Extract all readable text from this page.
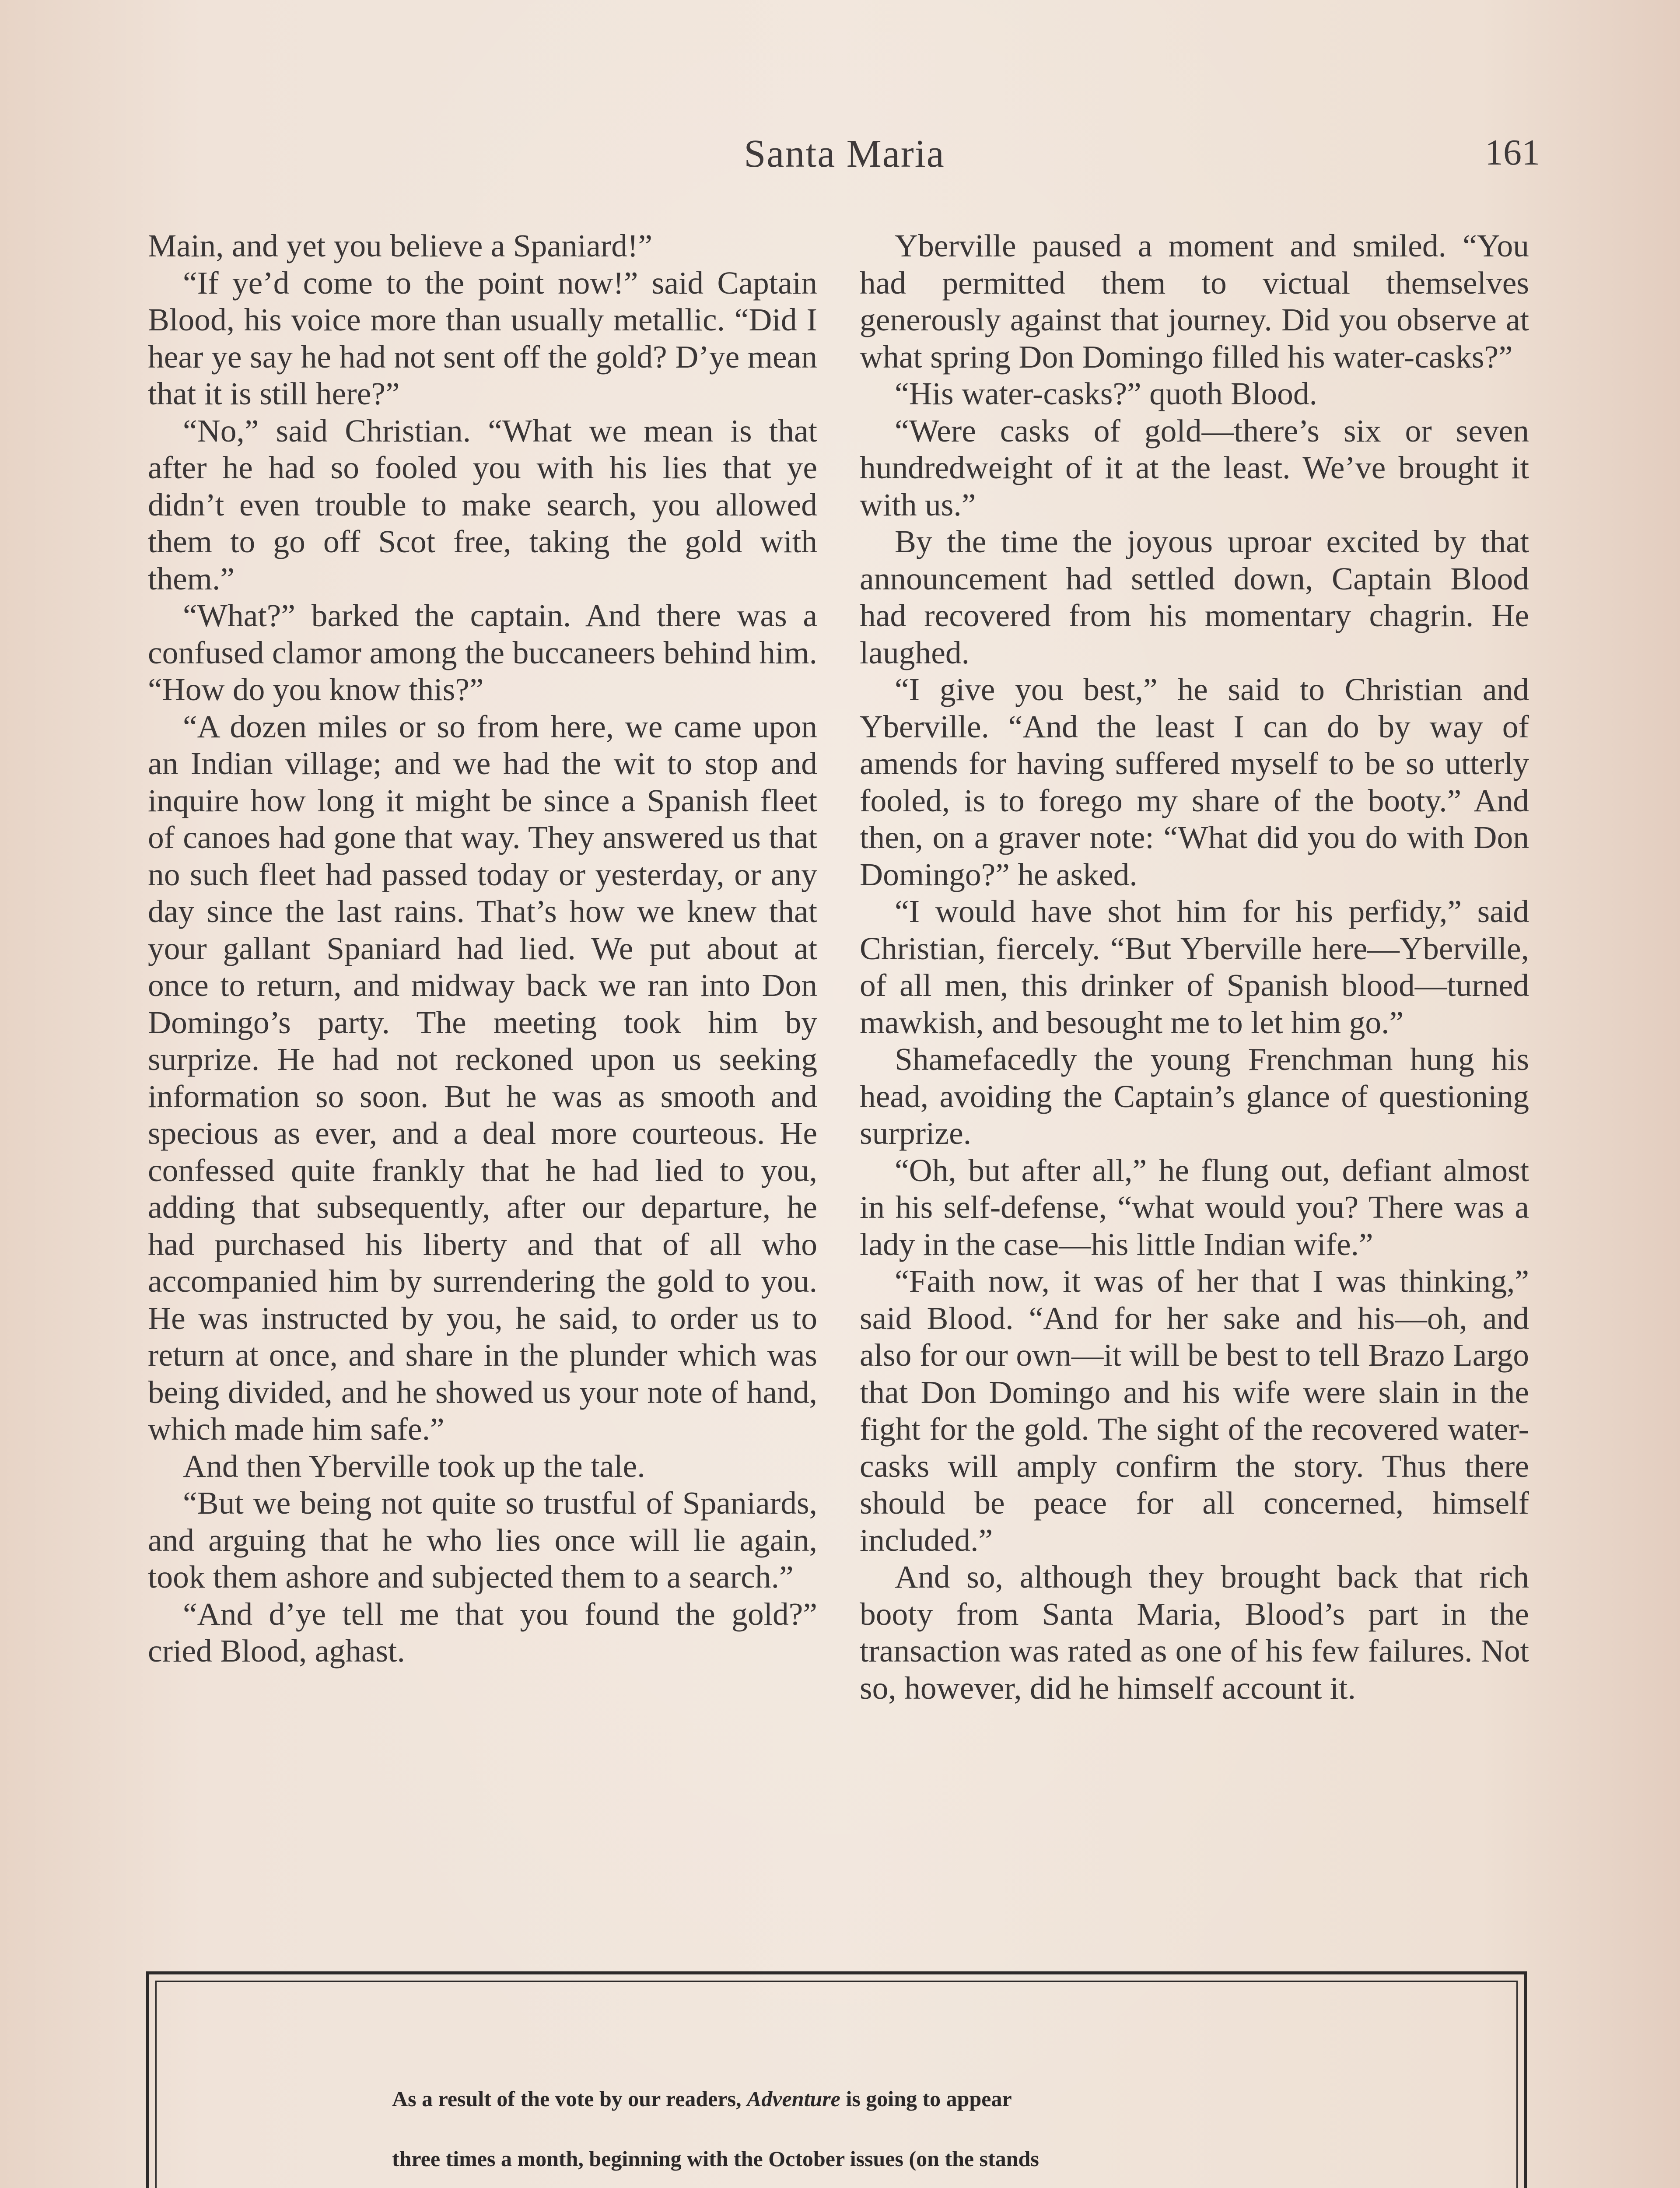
Santa Maria	161

Main, and yet you believe a Spaniard!”

“If ye’d come to the point now!” said Captain Blood, his voice more than usually metallic. “Did I hear ye say he had not sent off the gold? D’ye mean that it is still here?”

“No,” said Christian. “What we mean is that after he had so fooled you with his lies that ye didn’t even trouble to make search, you allowed them to go off Scot free, taking the gold with them.”

“What?” barked the captain. And there was a confused clamor among the buccaneers behind him. “How do you know this?”

“A dozen miles or so from here, we came upon an Indian village; and we had the wit to stop and inquire how long it might be since a Spanish fleet of canoes had gone that way. They answered us that no such fleet had passed today or yesterday, or any day since the last rains. That’s how we knew that your gallant Spaniard had lied. We put about at once to return, and midway back we ran into Don Domingo’s party. The meeting took him by surprize. He had not reckoned upon us seeking information so soon. But he was as smooth and specious as ever, and a deal more courteous. He confessed quite frankly that he had lied to you, adding that subsequently, after our departure, he had purchased his liberty and that of all who accompanied him by surrendering the gold to you. He was instructed by you, he said, to order us to return at once, and share in the plunder which was being divided, and he showed us your note of hand, which made him safe.”

And then Yberville took up the tale.

“But we being not quite so trustful of Spaniards, and arguing that he who lies once will lie again, took them ashore and subjected them to a search.”

“And d’ye tell me that you found the gold?” cried Blood, aghast.

Yberville paused a moment and smiled. “You had permitted them to victual themselves generously against that journey. Did you observe at what spring Don Domingo filled his water-casks?”

“His water-casks?” quoth Blood.

“Were casks of gold—there’s six or seven hundredweight of it at the least. We’ve brought it with us.”

By the time the joyous uproar excited by that announcement had settled down, Captain Blood had recovered from his momentary chagrin. He laughed.

“I give you best,” he said to Christian and Yberville. “And the least I can do by way of amends for having suffered myself to be so utterly fooled, is to forego my share of the booty.” And then, on a graver note: “What did you do with Don Domingo?” he asked.

“I would have shot him for his perfidy,” said Christian, fiercely. “But Yberville here—Yberville, of all men, this drinker of Spanish blood—turned mawkish, and besought me to let him go.”

Shamefacedly the young Frenchman hung his head, avoiding the Captain’s glance of questioning surprize.

“Oh, but after all,” he flung out, defiant almost in his self-defense, “what would you? There was a lady in the case—his little Indian wife.”

“Faith now, it was of her that I was thinking,” said Blood. “And for her sake and his—oh, and also for our own—it will be best to tell Brazo Largo that Don Domingo and his wife were slain in the fight for the gold. The sight of the recovered water-casks will amply confirm the story. Thus there should be peace for all concerned, himself included.”

And so, although they brought back that rich booty from Santa Maria, Blood’s part in the transaction was rated as one of his few failures. Not so, however, did he himself account it.

As a result of the vote by our readers, Adventure is going to appear
three times a month, beginning with the October issues (on the stands
